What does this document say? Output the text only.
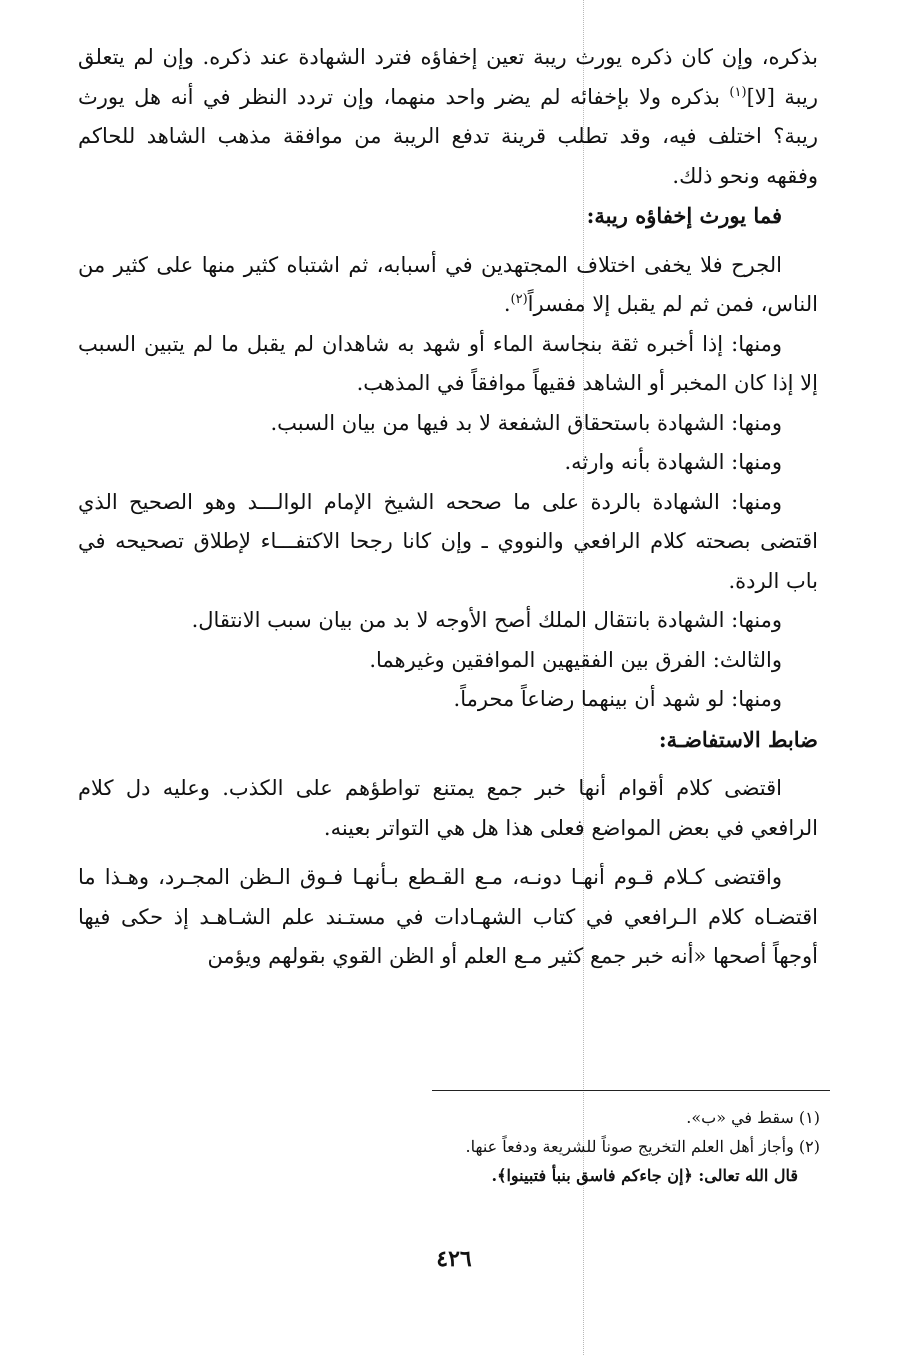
بذكره، وإن كان ذكره يورث ريبة تعين إخفاؤه فترد الشهادة عند ذكره. وإن لم يتعلق ريبة [لا]$^{(١)}$ بذكره ولا بإخفائه لم يضر واحد منهما، وإن تردد النظر في أنه هل يورث ريبة؟ اختلف فيه، وقد تطلب قرينة تدفع الريبة من موافقة مذهب الشاهد للحاكم وفقهه ونحو ذلك.

فما يورث إخفاؤه ريبة:

الجرح فلا يخفى اختلاف المجتهدين في أسبابه، ثم اشتباه كثير منها على كثير من الناس، فمن ثم لم يقبل إلا مفسراً$^{(٢)}$.

ومنها: إذا أخبره ثقة بنجاسة الماء أو شهد به شاهدان لم يقبل ما لم يتبين السبب إلا إذا كان المخبر أو الشاهد فقيهاً موافقاً في المذهب.

ومنها: الشهادة باستحقاق الشفعة لا بد فيها من بيان السبب.

ومنها: الشهادة بأنه وارثه.

ومنها: الشهادة بالردة على ما صححه الشيخ الإمام الوالـــد وهو الصحيح الذي اقتضى بصحته كلام الرافعي والنووي ـ وإن كانا رجحا الاكتفـــاء لإطلاق تصحيحه في باب الردة.

ومنها: الشهادة بانتقال الملك أصح الأوجه لا بد من بيان سبب الانتقال.

والثالث: الفرق بين الفقيهين الموافقين وغيرهما.

ومنها: لو شهد أن بينهما رضاعاً محرماً.

ضابط الاستفاضـة:

اقتضى كلام أقوام أنها خبر جمع يمتنع تواطؤهم على الكذب. وعليه دل كلام الرافعي في بعض المواضع فعلى هذا هل هي التواتر بعينه.

واقتضى كـلام قـوم أنهـا دونـه، مـع القـطع بـأنهـا فـوق الـظن المجـرد، وهـذا ما اقتضـاه كلام الـرافعي في كتاب الشهـادات في مستـند علم الشـاهـد إذ حكى فيها أوجهاً أصحها «أنه خبر جمع كثير مـع العلم أو الظن القوي بقولهم ويؤمن

(١) سقط في «ب».

(٢) وأجاز أهل العلم التخريج صوناً للشريعة ودفعاً عنها.

قال الله تعالى: ﴿إن جاءكم فاسق بنبأ فتبينوا﴾.

٤٢٦
